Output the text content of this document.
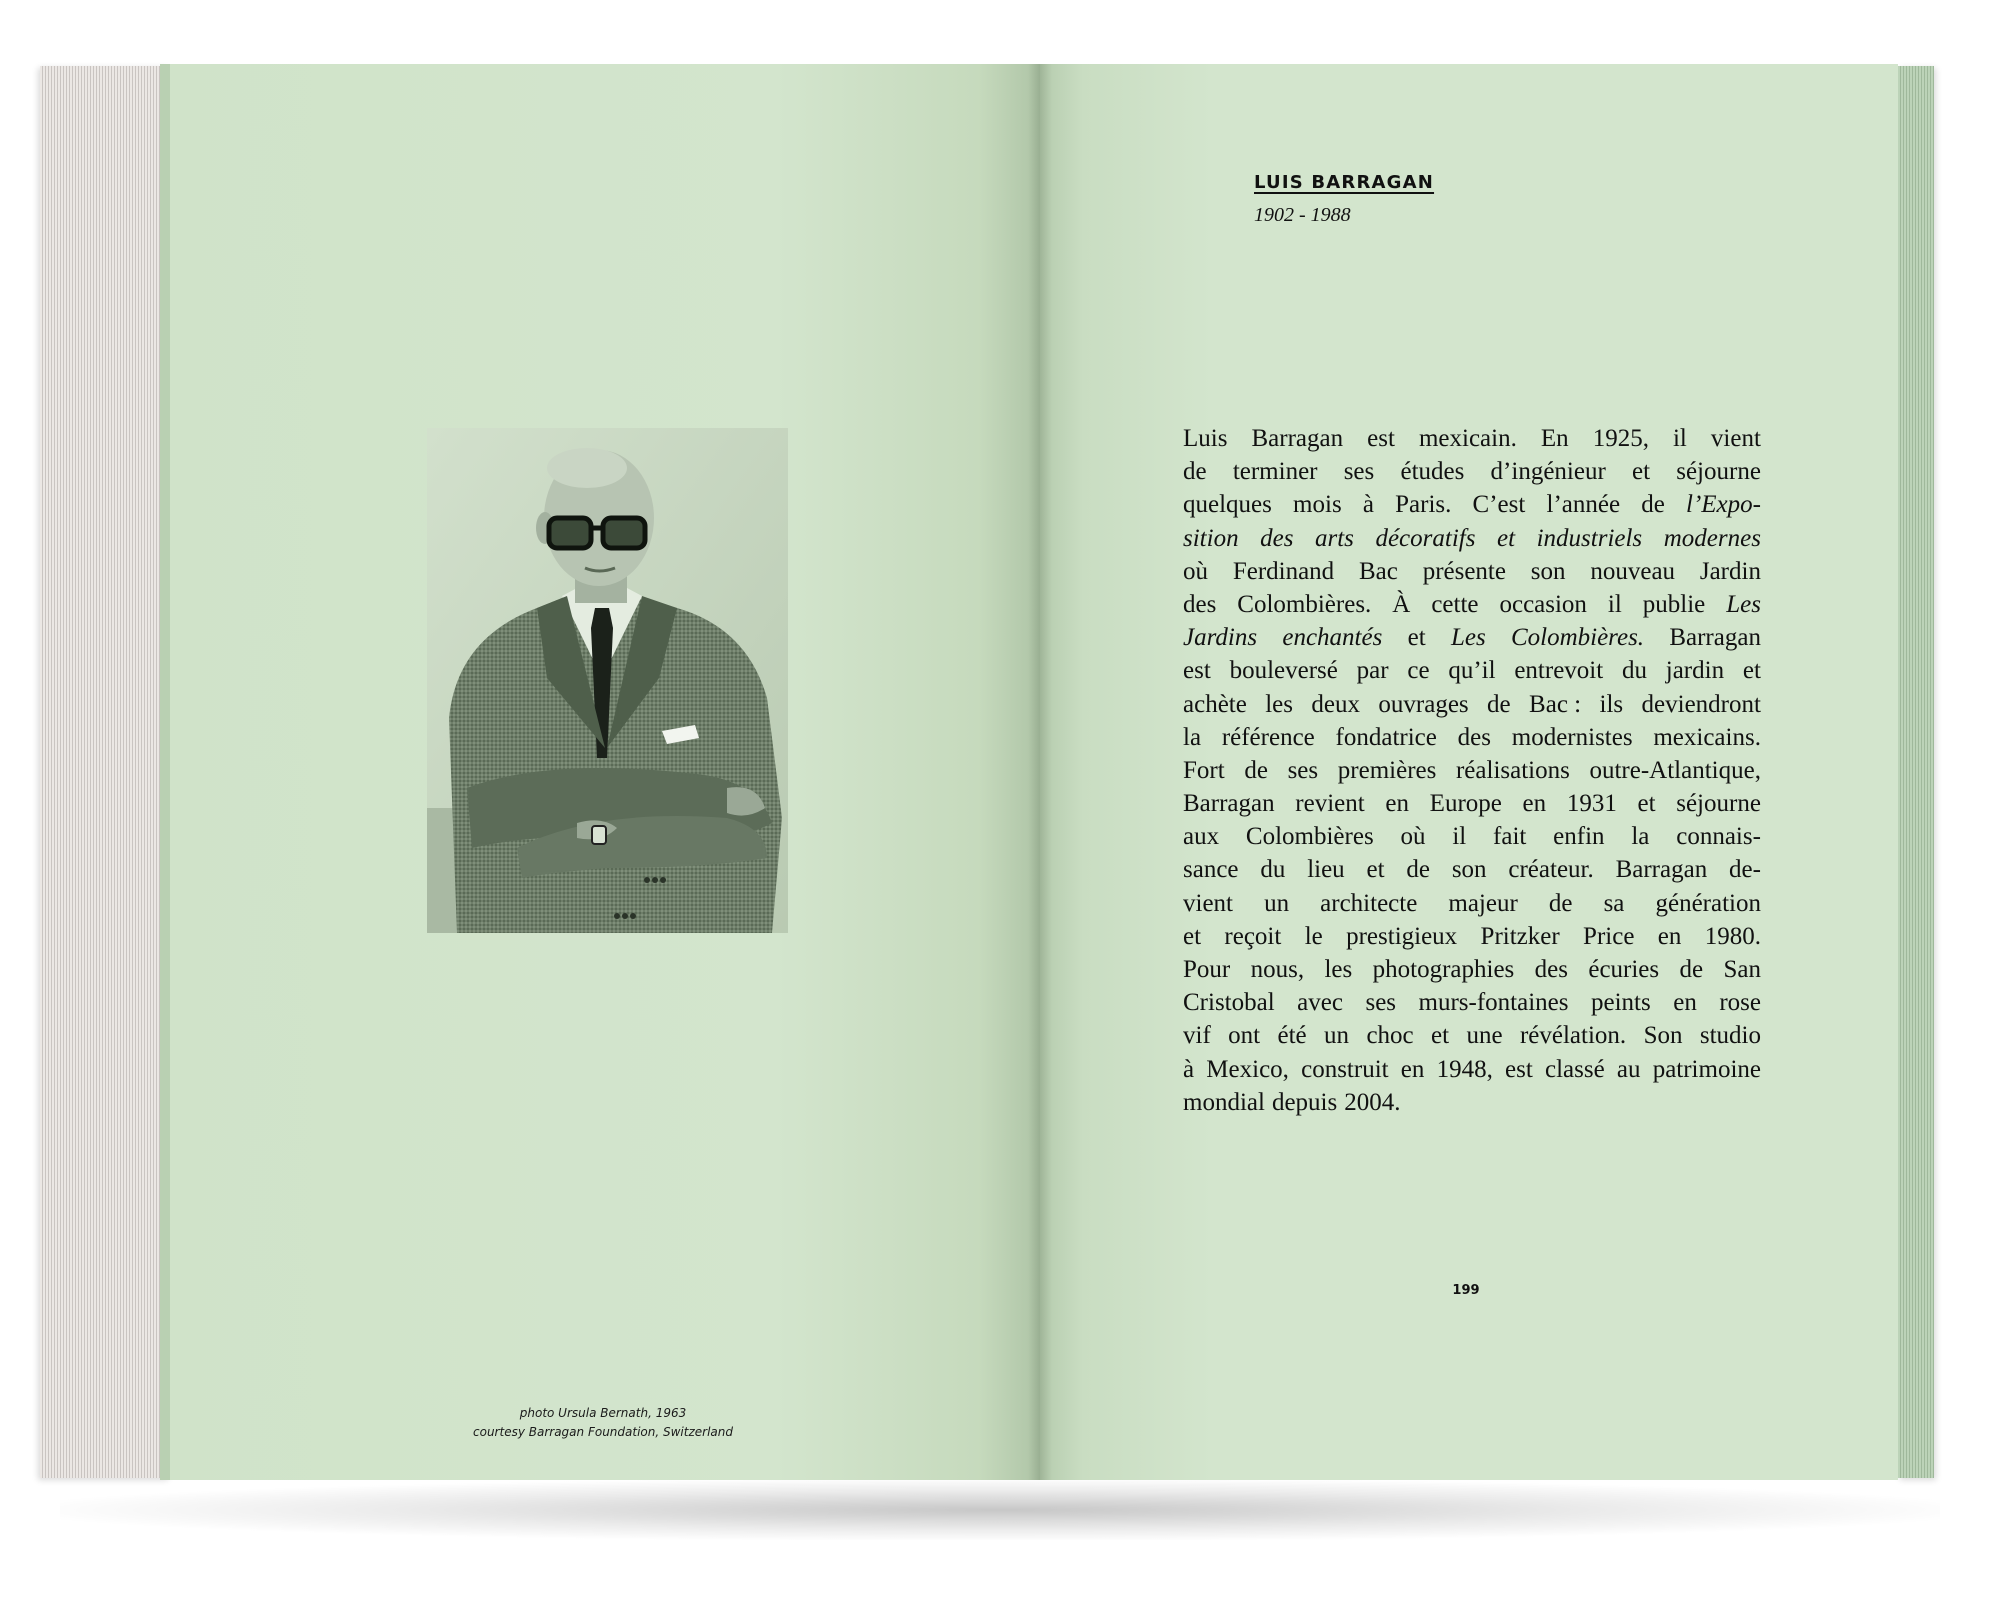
photo Ursula Bernath, 1963
courtesy Barragan Foundation, Switzerland
LUIS BARRAGAN
1902 - 1988
Luis Barragan est mexicain. En 1925, il vient
de terminer ses études d’ingénieur et séjourne
quelques mois à Paris. C’est l’année de l’Expo-
sition des arts décoratifs et industriels modernes
où Ferdinand Bac présente son nouveau Jardin
des Colombières. À cette occasion il publie Les
Jardins enchantés et Les Colombières. Barragan
est bouleversé par ce qu’il entrevoit du jardin et
achète les deux ouvrages de Bac : ils deviendront
la référence fondatrice des modernistes mexicains.
Fort de ses premières réalisations outre-Atlantique,
Barragan revient en Europe en 1931 et séjourne
aux Colombières où il fait enfin la connais-
sance du lieu et de son créateur. Barragan de-
vient un architecte majeur de sa génération
et reçoit le prestigieux Pritzker Price en 1980.
Pour nous, les photographies des écuries de San
Cristobal avec ses murs-fontaines peints en rose
vif ont été un choc et une révélation. Son studio
à Mexico, construit en 1948, est classé au patrimoine
mondial depuis 2004.
199
